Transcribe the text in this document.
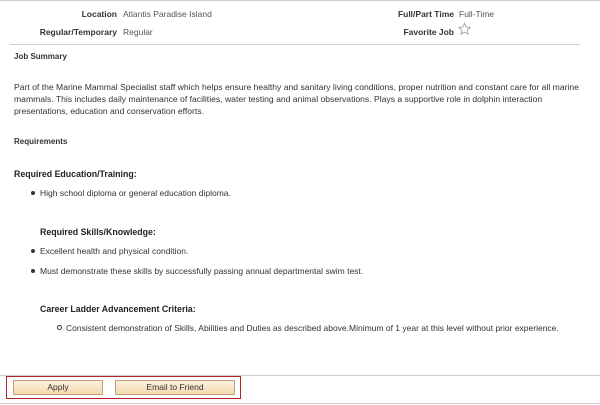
Location Atlantis Paradise Island
Regular/Temporary Regular
Full/Part Time Full-Time
Favorite Job
Job Summary
Part of the Marine Mammal Specialist staff which helps ensure healthy and sanitary living conditions, proper nutrition and constant care for all marine mammals. This includes daily maintenance of facilities, water testing and animal observations. Plays a supportive role in dolphin interaction presentations, education and conservation efforts.
Requirements
Required Education/Training:
High school diploma or general education diploma.
Required Skills/Knowledge:
Excellent health and physical condition.
Must demonstrate these skills by successfully passing annual departmental swim test.
Career Ladder Advancement Criteria:
Consistent demonstration of Skills, Abilities and Duties as described above.Minimum of 1 year at this level without prior experience.
Apply	Email to Friend
